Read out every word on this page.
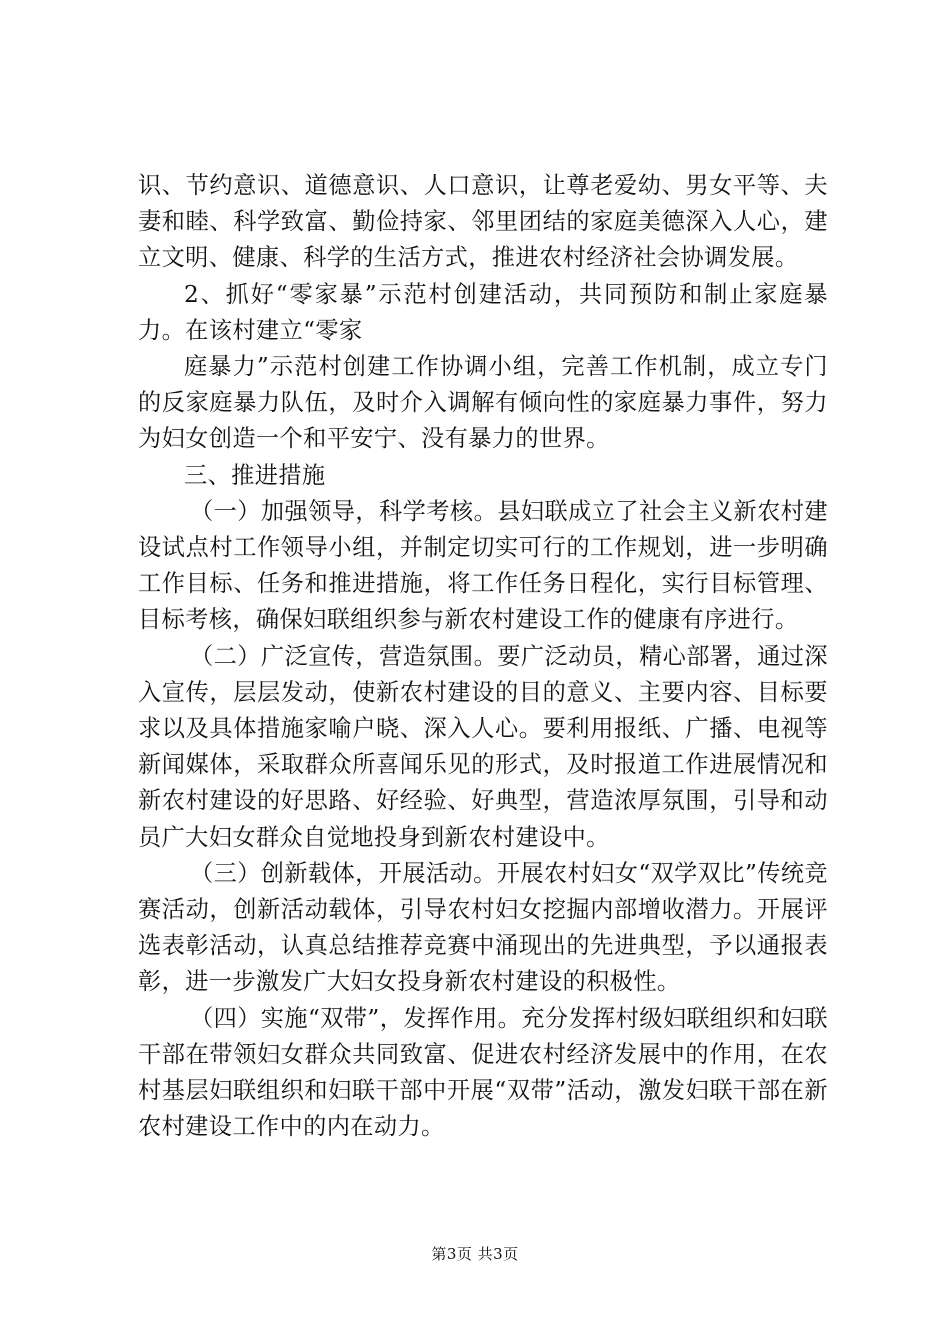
识、节约意识、道德意识、人口意识，让尊老爱幼、男女平等、夫妻和睦、科学致富、勤俭持家、邻里团结的家庭美德深入人心，建立文明、健康、科学的生活方式，推进农村经济社会协调发展。

2、抓好“零家暴”示范村创建活动，共同预防和制止家庭暴力。在该村建立“零家

庭暴力”示范村创建工作协调小组，完善工作机制，成立专门的反家庭暴力队伍，及时介入调解有倾向性的家庭暴力事件，努力为妇女创造一个和平安宁、没有暴力的世界。

三、推进措施

（一）加强领导，科学考核。县妇联成立了社会主义新农村建设试点村工作领导小组，并制定切实可行的工作规划，进一步明确工作目标、任务和推进措施，将工作任务日程化，实行目标管理、目标考核，确保妇联组织参与新农村建设工作的健康有序进行。

（二）广泛宣传，营造氛围。要广泛动员，精心部署，通过深入宣传，层层发动，使新农村建设的目的意义、主要内容、目标要求以及具体措施家喻户晓、深入人心。要利用报纸、广播、电视等新闻媒体，采取群众所喜闻乐见的形式，及时报道工作进展情况和新农村建设的好思路、好经验、好典型，营造浓厚氛围，引导和动员广大妇女群众自觉地投身到新农村建设中。

（三）创新载体，开展活动。开展农村妇女“双学双比”传统竞赛活动，创新活动载体，引导农村妇女挖掘内部增收潜力。开展评选表彰活动，认真总结推荐竞赛中涌现出的先进典型，予以通报表彰，进一步激发广大妇女投身新农村建设的积极性。

（四）实施“双带”，发挥作用。充分发挥村级妇联组织和妇联干部在带领妇女群众共同致富、促进农村经济发展中的作用，在农村基层妇联组织和妇联干部中开展“双带”活动，激发妇联干部在新农村建设工作中的内在动力。

第3页 共3页
